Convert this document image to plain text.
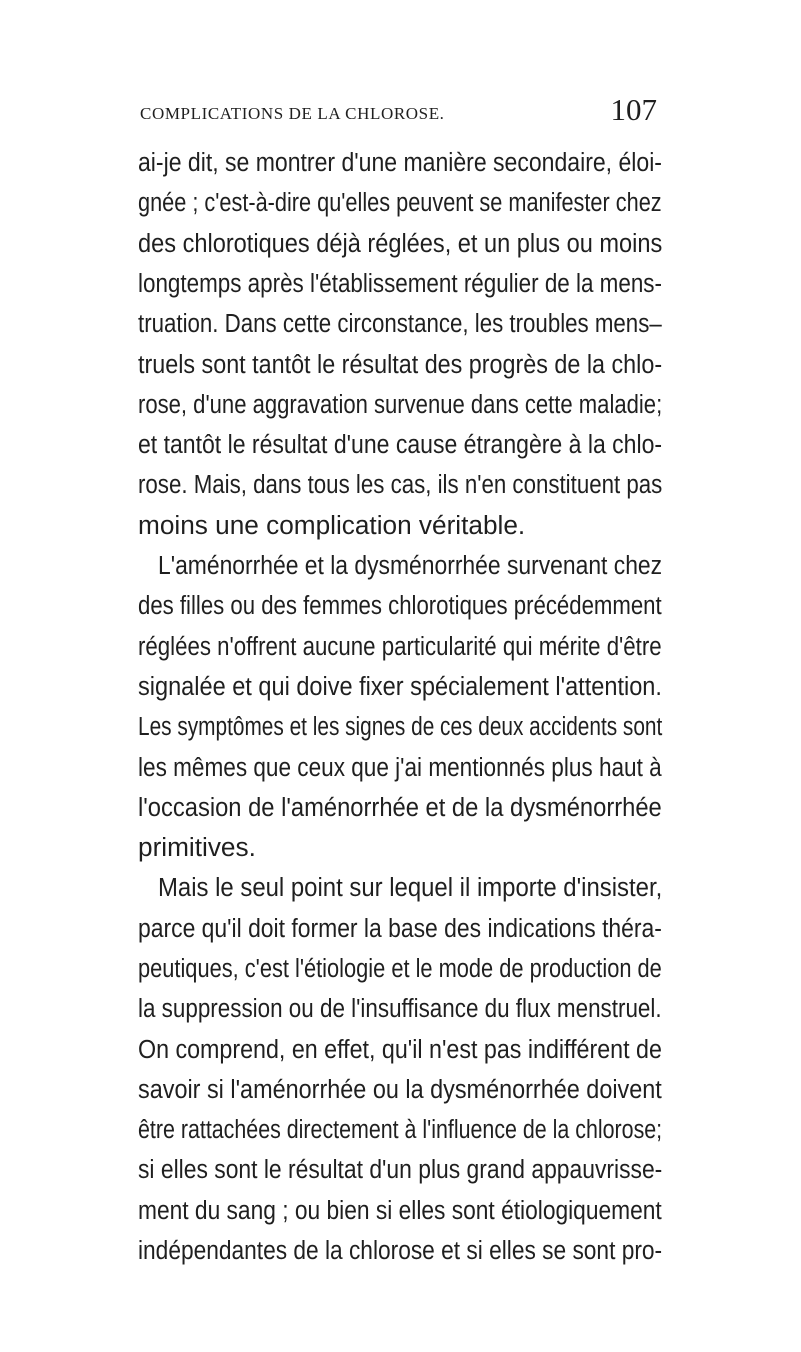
COMPLICATIONS DE LA CHLOROSE.	107
ai-je dit, se montrer d'une manière secondaire, éloi-
gnée ; c'est-à-dire qu'elles peuvent se manifester chez
des chlorotiques déjà réglées, et un plus ou moins
longtemps après l'établissement régulier de la mens-
truation. Dans cette circonstance, les troubles mens–
truels sont tantôt le résultat des progrès de la chlo-
rose, d'une aggravation survenue dans cette maladie;
et tantôt le résultat d'une cause étrangère à la chlo-
rose. Mais, dans tous les cas, ils n'en constituent pas
moins une complication véritable.
L'aménorrhée et la dysménorrhée survenant chez
des filles ou des femmes chlorotiques précédemment
réglées n'offrent aucune particularité qui mérite d'être
signalée et qui doive fixer spécialement l'attention.
Les symptômes et les signes de ces deux accidents sont
les mêmes que ceux que j'ai mentionnés plus haut à
l'occasion de l'aménorrhée et de la dysménorrhée
primitives.
Mais le seul point sur lequel il importe d'insister,
parce qu'il doit former la base des indications théra-
peutiques, c'est l'étiologie et le mode de production de
la suppression ou de l'insuffisance du flux menstruel.
On comprend, en effet, qu'il n'est pas indifférent de
savoir si l'aménorrhée ou la dysménorrhée doivent
être rattachées directement à l'influence de la chlorose;
si elles sont le résultat d'un plus grand appauvrisse-
ment du sang ; ou bien si elles sont étiologiquement
indépendantes de la chlorose et si elles se sont pro-
